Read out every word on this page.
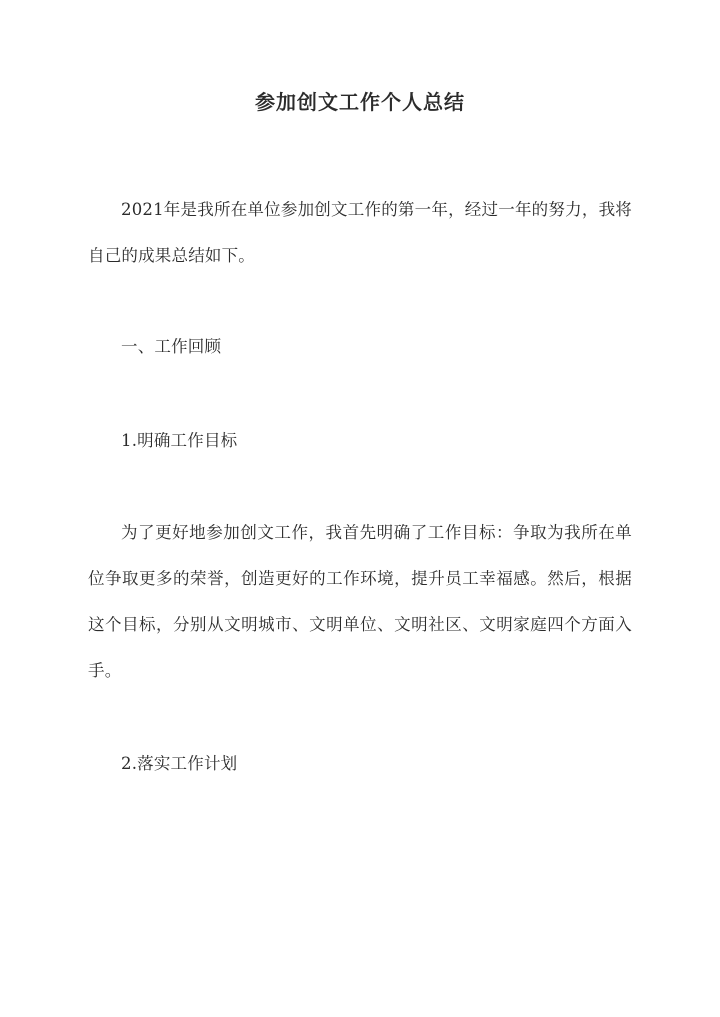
参加创文工作个人总结
2021年是我所在单位参加创文工作的第一年，经过一年的努力，我将自己的成果总结如下。
一、工作回顾
1.明确工作目标
为了更好地参加创文工作，我首先明确了工作目标：争取为我所在单位争取更多的荣誉，创造更好的工作环境，提升员工幸福感。然后，根据这个目标，分别从文明城市、文明单位、文明社区、文明家庭四个方面入手。
2.落实工作计划
